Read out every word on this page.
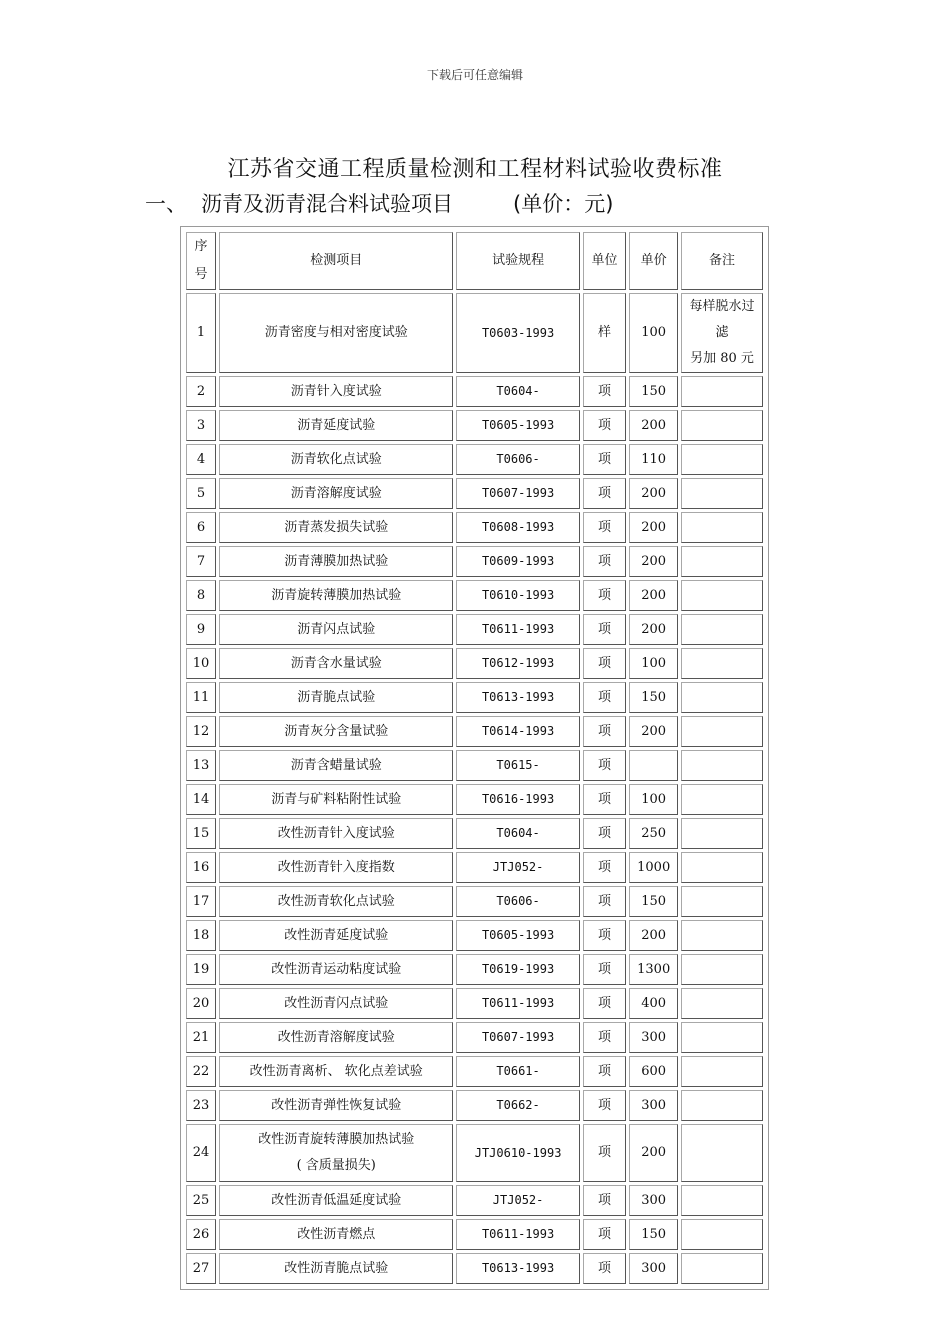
下载后可任意编辑
江苏省交通工程质量检测和工程材料试验收费标准
一、 沥青及沥青混合料试验项目	(单价：元)
序号	检测项目	试验规程	单位	单价	备注
1	沥青密度与相对密度试验	T0603-1993	样	100	每样脱水过滤
另加 80 元

2	沥青针入度试验	T0604-	项	150	
3	沥青延度试验	T0605-1993	项	200	
4	沥青软化点试验	T0606-	项	110	
5	沥青溶解度试验	T0607-1993	项	200	
6	沥青蒸发损失试验	T0608-1993	项	200	
7	沥青薄膜加热试验	T0609-1993	项	200	
8	沥青旋转薄膜加热试验	T0610-1993	项	200	
9	沥青闪点试验	T0611-1993	项	200	
10	沥青含水量试验	T0612-1993	项	100	
11	沥青脆点试验	T0613-1993	项	150	
12	沥青灰分含量试验	T0614-1993	项	200	
13	沥青含蜡量试验	T0615-	项		
14	沥青与矿料粘附性试验	T0616-1993	项	100	
15	改性沥青针入度试验	T0604-	项	250	
16	改性沥青针入度指数	JTJ052-	项	1000	
17	改性沥青软化点试验	T0606-	项	150	
18	改性沥青延度试验	T0605-1993	项	200	
19	改性沥青运动粘度试验	T0619-1993	项	1300	
20	改性沥青闪点试验	T0611-1993	项	400	
21	改性沥青溶解度试验	T0607-1993	项	300	
22	改性沥青离析、 软化点差试验	T0661-	项	600	
23	改性沥青弹性恢复试验	T0662-	项	300	
24	改性沥青旋转薄膜加热试验
( 含质量损失)	JTJ0610-1993	项	200	
25	改性沥青低温延度试验	JTJ052-	项	300	
26	改性沥青燃点	T0611-1993	项	150	
27	改性沥青脆点试验	T0613-1993	项	300	
